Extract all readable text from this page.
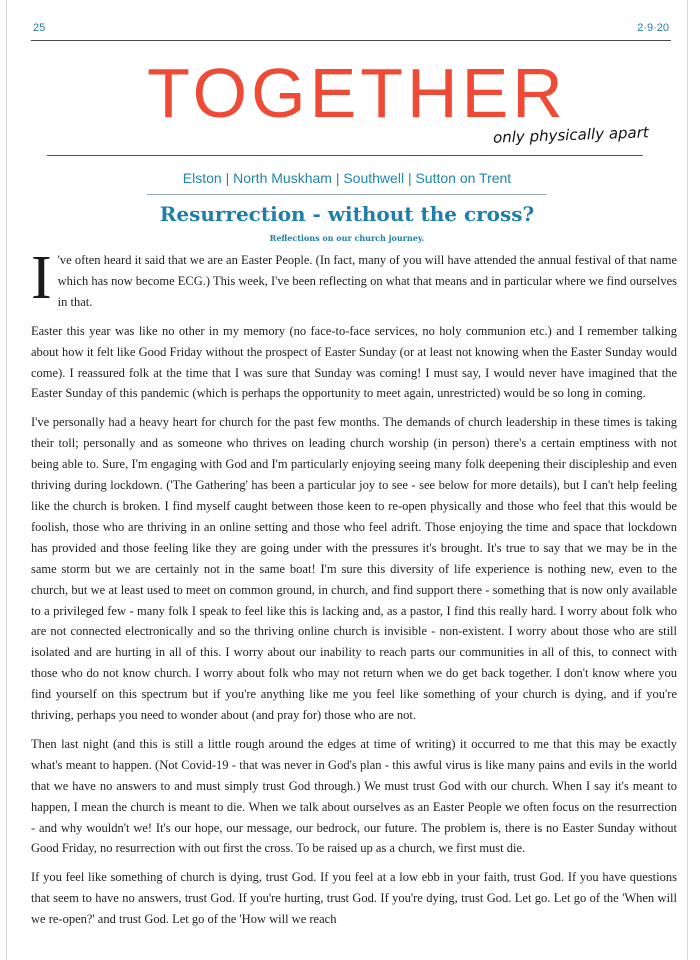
25	2·9·20
TOGETHER
only physically apart
Elston | North Muskham | Southwell | Sutton on Trent
Resurrection - without the cross?
Reflections on our church journey.

I 've often heard it said that we are an Easter People. (In fact, many of you will have attended the annual festival of that name which has now become ECG.) This week, I've been reflecting on what that means and in particular where we find ourselves in that.

Easter this year was like no other in my memory (no face-to-face services, no holy communion etc.) and I remember talking about how it felt like Good Friday without the prospect of Easter Sunday (or at least not knowing when the Easter Sunday would come). I reassured folk at the time that I was sure that Sunday was coming! I must say, I would never have imagined that the Easter Sunday of this pandemic (which is perhaps the opportunity to meet again, unrestricted) would be so long in coming.

I've personally had a heavy heart for church for the past few months. The demands of church leadership in these times is taking their toll; personally and as someone who thrives on leading church worship (in person) there's a certain emptiness with not being able to. Sure, I'm engaging with God and I'm particularly enjoying seeing many folk deepening their discipleship and even thriving during lockdown. ('The Gathering' has been a particular joy to see - see below for more details), but I can't help feeling like the church is broken. I find myself caught between those keen to re-open physically and those who feel that this would be foolish, those who are thriving in an online setting and those who feel adrift. Those enjoying the time and space that lockdown has provided and those feeling like they are going under with the pressures it's brought. It's true to say that we may be in the same storm but we are certainly not in the same boat! I'm sure this diversity of life experience is nothing new, even to the church, but we at least used to meet on common ground, in church, and find support there - something that is now only available to a privileged few - many folk I speak to feel like this is lacking and, as a pastor, I find this really hard. I worry about folk who are not connected electronically and so the thriving online church is invisible - non-existent. I worry about those who are still isolated and are hurting in all of this. I worry about our inability to reach parts our communities in all of this, to connect with those who do not know church. I worry about folk who may not return when we do get back together. I don't know where you find yourself on this spectrum but if you're anything like me you feel like something of your church is dying, and if you're thriving, perhaps you need to wonder about (and pray for) those who are not.

Then last night (and this is still a little rough around the edges at time of writing) it occurred to me that this may be exactly what's meant to happen. (Not Covid-19 - that was never in God's plan - this awful virus is like many pains and evils in the world that we have no answers to and must simply trust God through.) We must trust God with our church. When I say it's meant to happen, I mean the church is meant to die. When we talk about ourselves as an Easter People we often focus on the resurrection - and why wouldn't we! It's our hope, our message, our bedrock, our future. The problem is, there is no Easter Sunday without Good Friday, no resurrection with out first the cross. To be raised up as a church, we first must die.

If you feel like something of church is dying, trust God. If you feel at a low ebb in your faith, trust God. If you have questions that seem to have no answers, trust God. If you're hurting, trust God. If you're dying, trust God. Let go. Let go of the 'When will we re-open?' and trust God. Let go of the 'How will we reach
